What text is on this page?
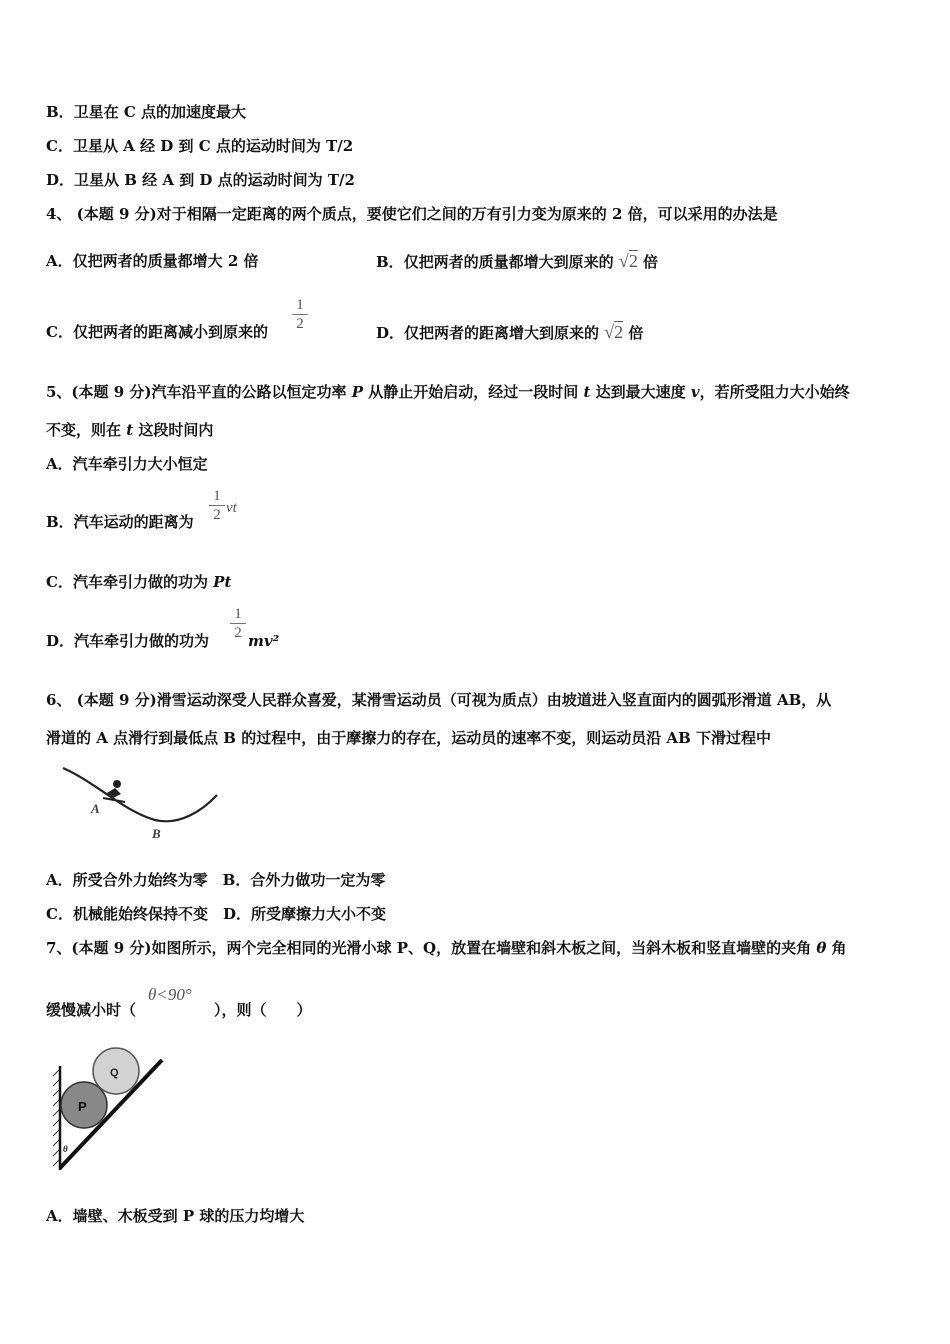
B．卫星在 C 点的加速度最大
C．卫星从 A 经 D 到 C 点的运动时间为 T/2
D．卫星从 B 经 A 到 D 点的运动时间为 T/2
4、 (本题 9 分)对于相隔一定距离的两个质点，要使它们之间的万有引力变为原来的 2 倍，可以采用的办法是
A．仅把两者的质量都增大 2 倍	B．仅把两者的质量都增大到原来的 √2 倍
C．仅把两者的距离减小到原来的
1
2	D．仅把两者的距离增大到原来的 √2 倍
5、(本题 9 分)汽车沿平直的公路以恒定功率 P 从静止开始启动，经过一段时间 t 达到最大速度 v，若所受阻力大小始终
不变，则在 t 这段时间内
A．汽车牵引力大小恒定
B．汽车运动的距离为
1
2 vt
C．汽车牵引力做的功为 Pt
D．汽车牵引力做的功为
1
2 mv²
6、 (本题 9 分)滑雪运动深受人民群众喜爱，某滑雪运动员（可视为质点）由坡道进入竖直面内的圆弧形滑道 AB，从
滑道的 A 点滑行到最低点 B 的过程中，由于摩擦力的存在，运动员的速率不变，则运动员沿 AB 下滑过程中
A
B
A．所受合外力始终为零　B．合外力做功一定为零
C．机械能始终保持不变　D．所受摩擦力大小不变
7、(本题 9 分)如图所示，两个完全相同的光滑小球 P、Q，放置在墙壁和斜木板之间，当斜木板和竖直墙壁的夹角 θ 角
缓慢减小时（
θ<90°
），则（　　）
P
Q
θ
A．墙壁、木板受到 P 球的压力均增大
